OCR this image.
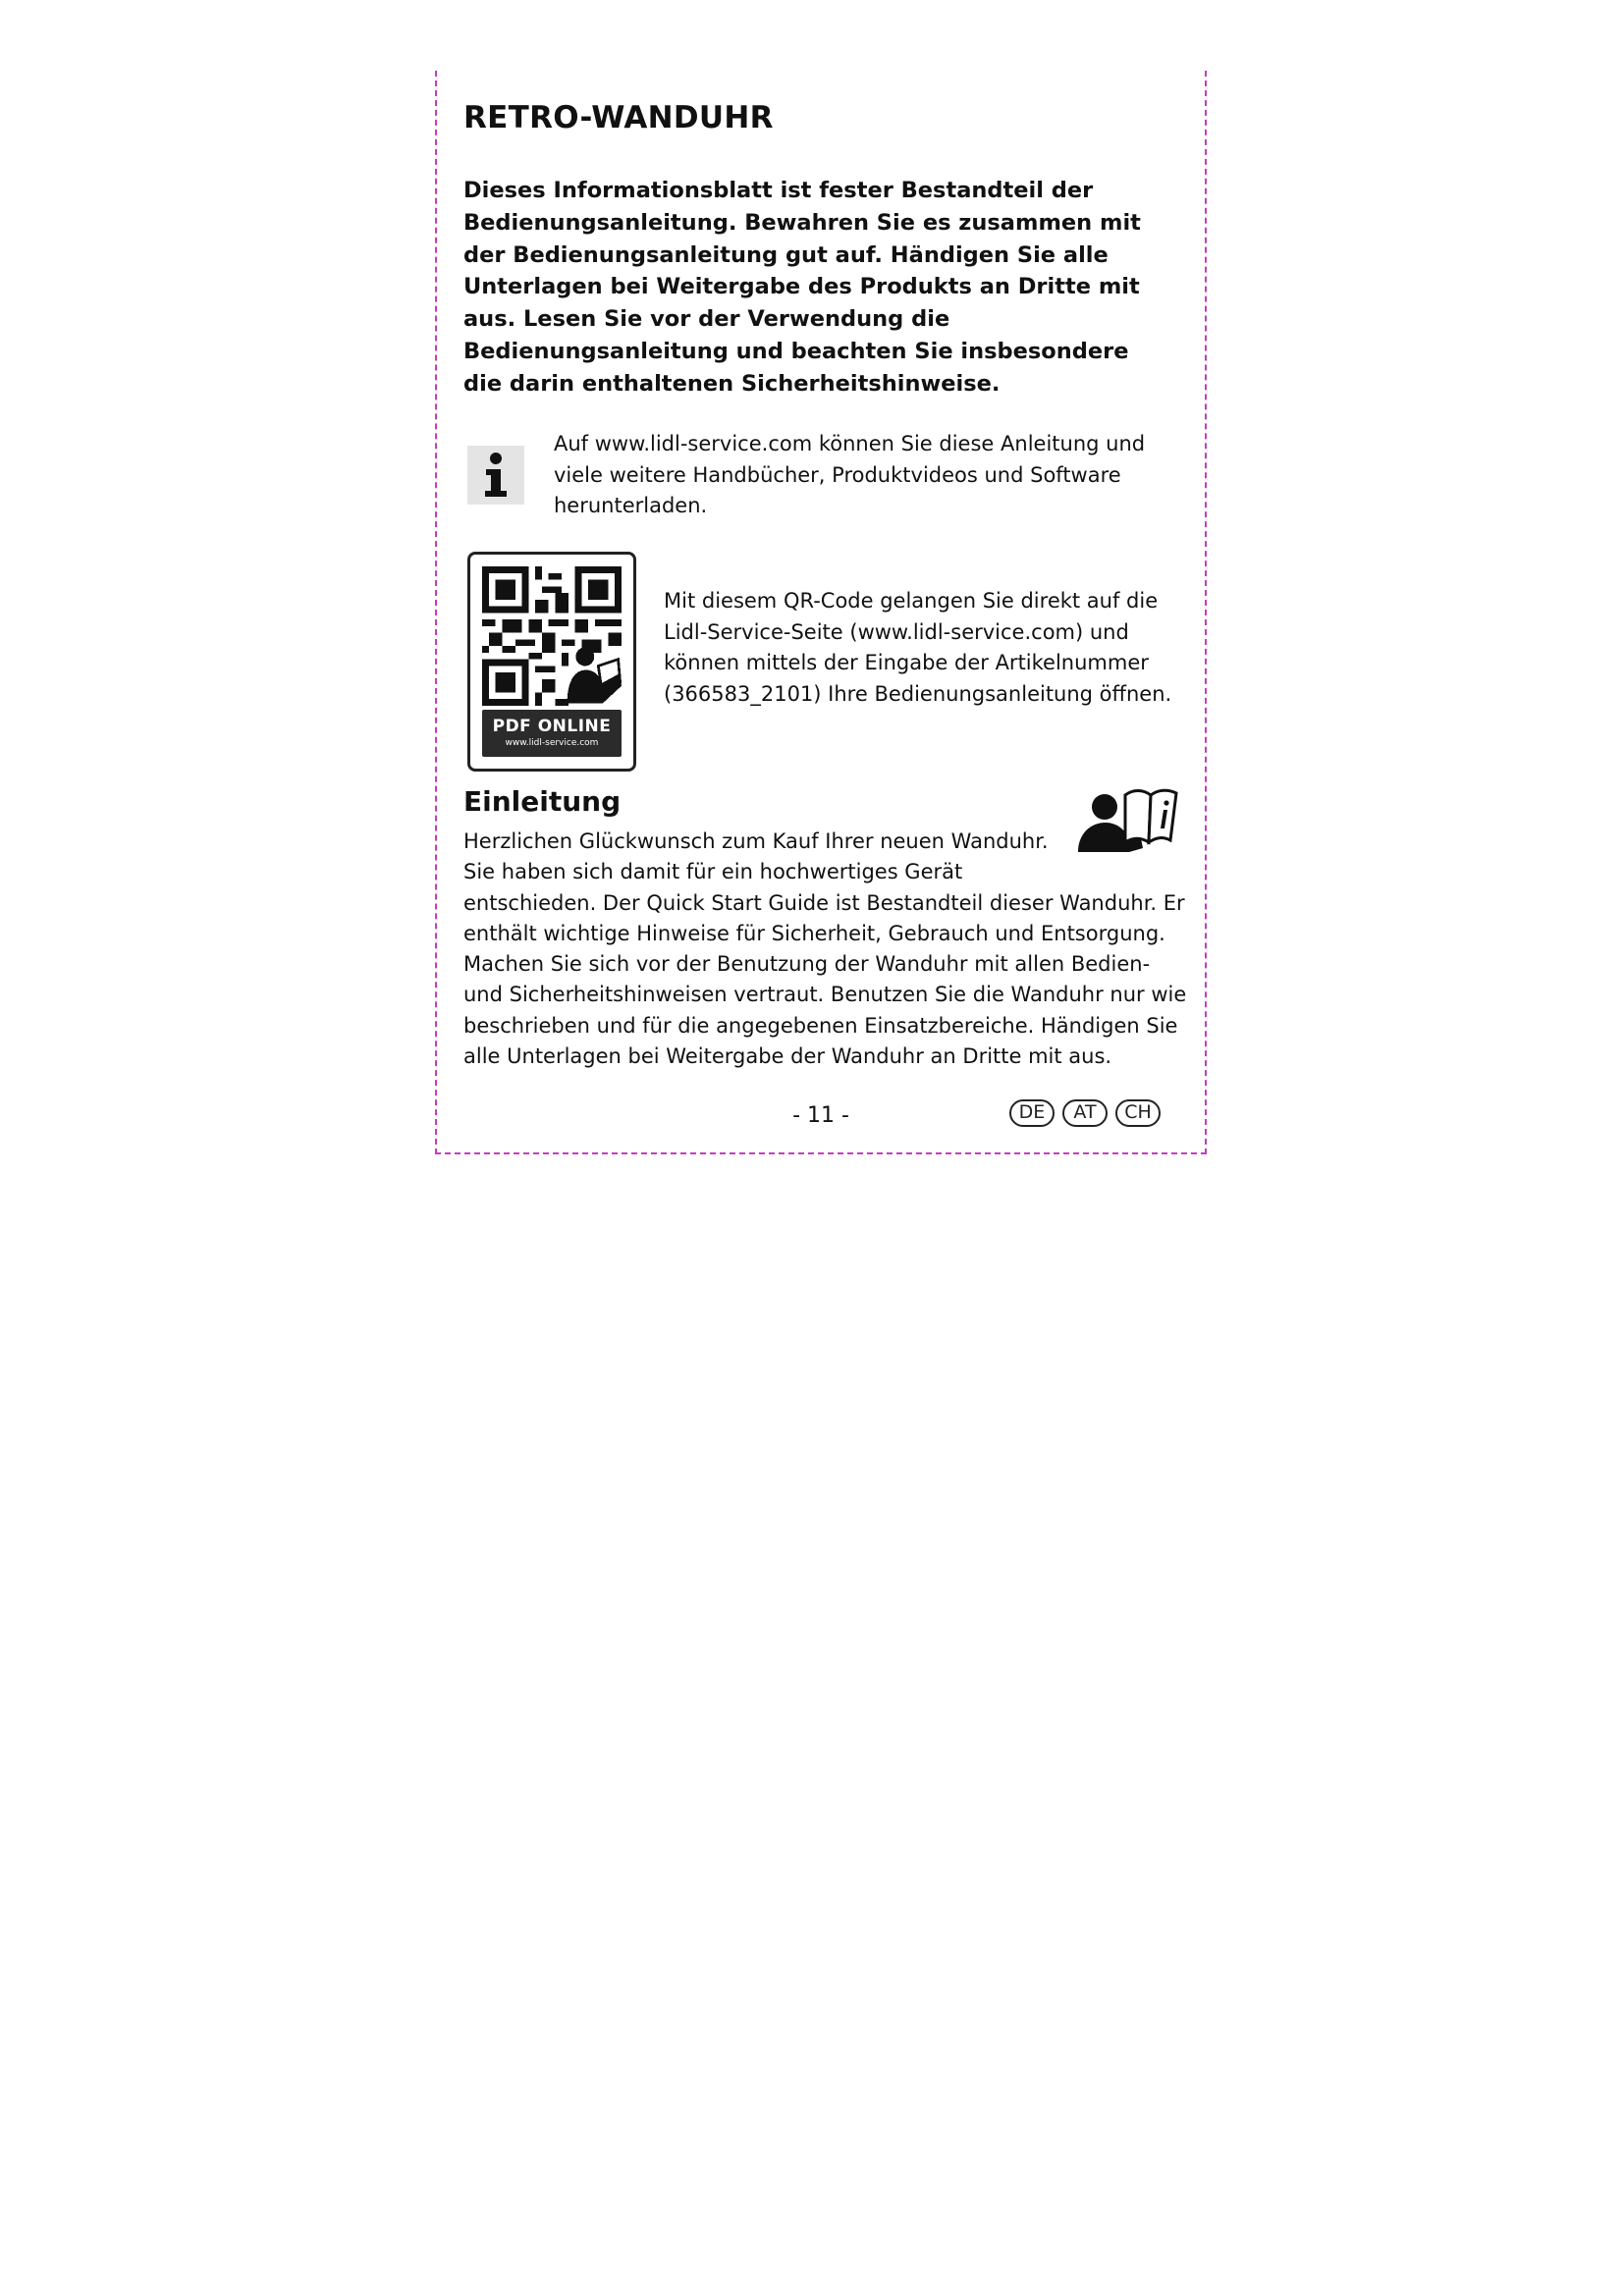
RETRO-WANDUHR

Dieses Informationsblatt ist fester Bestandteil der Bedienungsanleitung. Bewahren Sie es zusammen mit der Bedienungsanleitung gut auf. Händigen Sie alle Unterlagen bei Weitergabe des Produkts an Dritte mit aus. Lesen Sie vor der Verwendung die Bedienungsanleitung und beachten Sie insbesondere die darin enthaltenen Sicherheitshinweise.

Auf www.lidl-service.com können Sie diese Anleitung und viele weitere Handbücher, Produktvideos und Software herunterladen.

PDF ONLINE
www.lidl-service.com

Mit diesem QR-Code gelangen Sie direkt auf die Lidl-Service-Seite (www.lidl-service.com) und können mittels der Eingabe der Artikelnummer (366583_2101) Ihre Bedienungsanleitung öffnen.

Einleitung

Herzlichen Glückwunsch zum Kauf Ihrer neuen Wanduhr.
Sie haben sich damit für ein hochwertiges Gerät
entschieden. Der Quick Start Guide ist Bestandteil dieser Wanduhr. Er
enthält wichtige Hinweise für Sicherheit, Gebrauch und Entsorgung.
Machen Sie sich vor der Benutzung der Wanduhr mit allen Bedien-
und Sicherheitshinweisen vertraut. Benutzen Sie die Wanduhr nur wie
beschrieben und für die angegebenen Einsatzbereiche. Händigen Sie
alle Unterlagen bei Weitergabe der Wanduhr an Dritte mit aus.

- 11 -	DE	AT	CH
